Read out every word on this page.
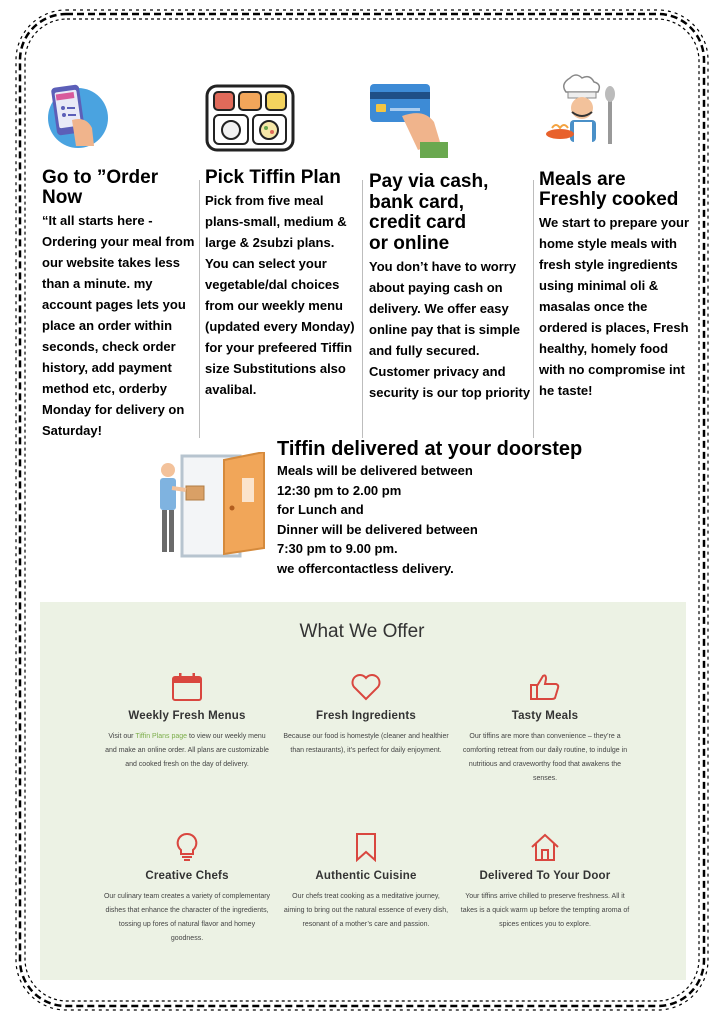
Go to ”Order
Now

“It all starts here - Ordering your meal from our website takes less than a minute. my account pages lets you place an order within seconds, check order history, add payment method etc, orderby Monday for delivery on Saturday!

Pick Tiffin Plan

Pick from five meal plans-small, medium & large & 2subzi plans. You can select your vegetable/dal choices from our weekly menu (updated every Monday) for your prefeered Tiffin size Substitutions also avalibal.

Pay via cash,
bank card,
credit card
or online

You don’t have to worry about paying cash on delivery. We offer easy online pay that is simple and fully secured. Customer privacy and security is our top priority

Meals are
Freshly cooked

We start to prepare your home style meals with fresh style ingredients using minimal oli & masalas once the ordered is places, Fresh healthy, homely food with no compromise int he taste!

Tiffin delivered at your doorstep
Meals will be delivered between
12:30 pm to 2.00 pm
for Lunch and
Dinner will be delivered between
7:30 pm to 9.00 pm.
we offercontactless delivery.
What We Offer
Weekly Fresh Menus

Visit our Tiffin Plans page to view our weekly menu and make an online order. All plans are customizable and cooked fresh on the day of delivery.

Fresh Ingredients

Because our food is homestyle (cleaner and healthier than restaurants), it’s perfect for daily enjoyment.

Tasty Meals

Our tiffins are more than convenience – they’re a comforting retreat from our daily routine, to indulge in nutritious and craveworthy food that awakens the senses.

Creative Chefs

Our culinary team creates a variety of complementary dishes that enhance the character of the ingredients, tossing up fores of natural flavor and homey goodness.

Authentic Cuisine

Our chefs treat cooking as a meditative journey, aiming to bring out the natural essence of every dish, resonant of a mother’s care and passion.

Delivered To Your Door

Your tiffins arrive chilled to preserve freshness. All it takes is a quick warm up before the tempting aroma of spices entices you to explore.
